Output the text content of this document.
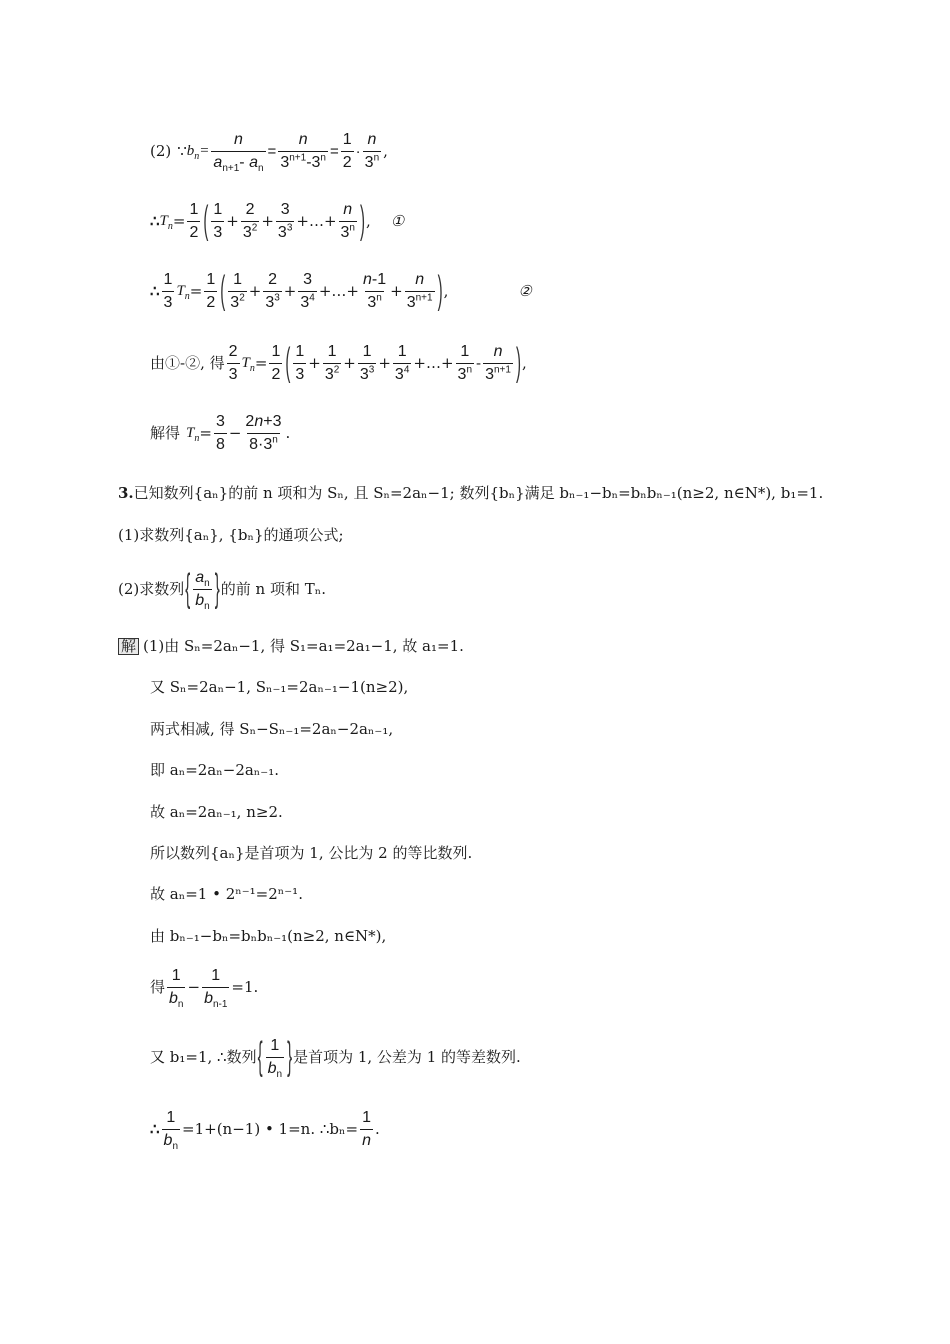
(2) ∵ $b_n= \frac{n}{a_{n+1}- a_n} = \frac{n}{3^{n+1}-3^n} = \frac{1}{2} \cdot \frac{n}{3^n}$ ,
∴ $T_n = \frac{1}{2}$ ( $\frac{1}{3} + \frac{2}{3^2} + \frac{3}{3^3}$ +…+ $\frac{n}{3^n}$ ) , ①
∴ $\frac{1}{3} T_n = \frac{1}{2}$ ( $\frac{1}{3^2} + \frac{2}{3^3} + \frac{3}{3^4}$ +…+ $\frac{n-1}{3^n} + \frac{n}{3^{n+1}}$ ) ,	②
由①-②, 得 $\frac{2}{3} T_n = \frac{1}{2}$ ( $\frac{1}{3} + \frac{1}{3^2} + \frac{1}{3^3} + \frac{1}{3^4}$ +…+ $\frac{1}{3^n} - \frac{n}{3^{n+1}}$ ) ,
解得 $T_n = \frac{3}{8} - \frac{2n+3}{8\cdot 3^n}$ .
3. 已知数列{aₙ}的前 n 项和为 Sₙ, 且 Sₙ=2aₙ−1; 数列{bₙ}满足 bₙ₋₁−bₙ=bₙbₙ₋₁(n≥2, n∈N*), b₁=1.
(1)求数列{aₙ}, {bₙ}的通项公式;
(2)求数列 { $\frac{a_n}{b_n}$ } 的前 n 项和 Tₙ.
解 (1)由 Sₙ=2aₙ−1, 得 S₁=a₁=2a₁−1, 故 a₁=1.
又 Sₙ=2aₙ−1, Sₙ₋₁=2aₙ₋₁−1(n≥2),
两式相减, 得 Sₙ−Sₙ₋₁=2aₙ−2aₙ₋₁,
即 aₙ=2aₙ−2aₙ₋₁.
故 aₙ=2aₙ₋₁, n≥2.
所以数列{aₙ}是首项为 1, 公比为 2 的等比数列.
故 aₙ=1 • 2ⁿ⁻¹=2ⁿ⁻¹.
由 bₙ₋₁−bₙ=bₙbₙ₋₁(n≥2, n∈N*),
得 $\frac{1}{b_n} - \frac{1}{b_{n-1}} =1$.
又 b₁=1, ∴数列 { $\frac{1}{b_n}$ } 是首项为 1, 公差为 1 的等差数列.
∴ $\frac{1}{b_n} =1+(n-1)$ • 1=n. ∴bₙ= $\frac{1}{n}$ .
